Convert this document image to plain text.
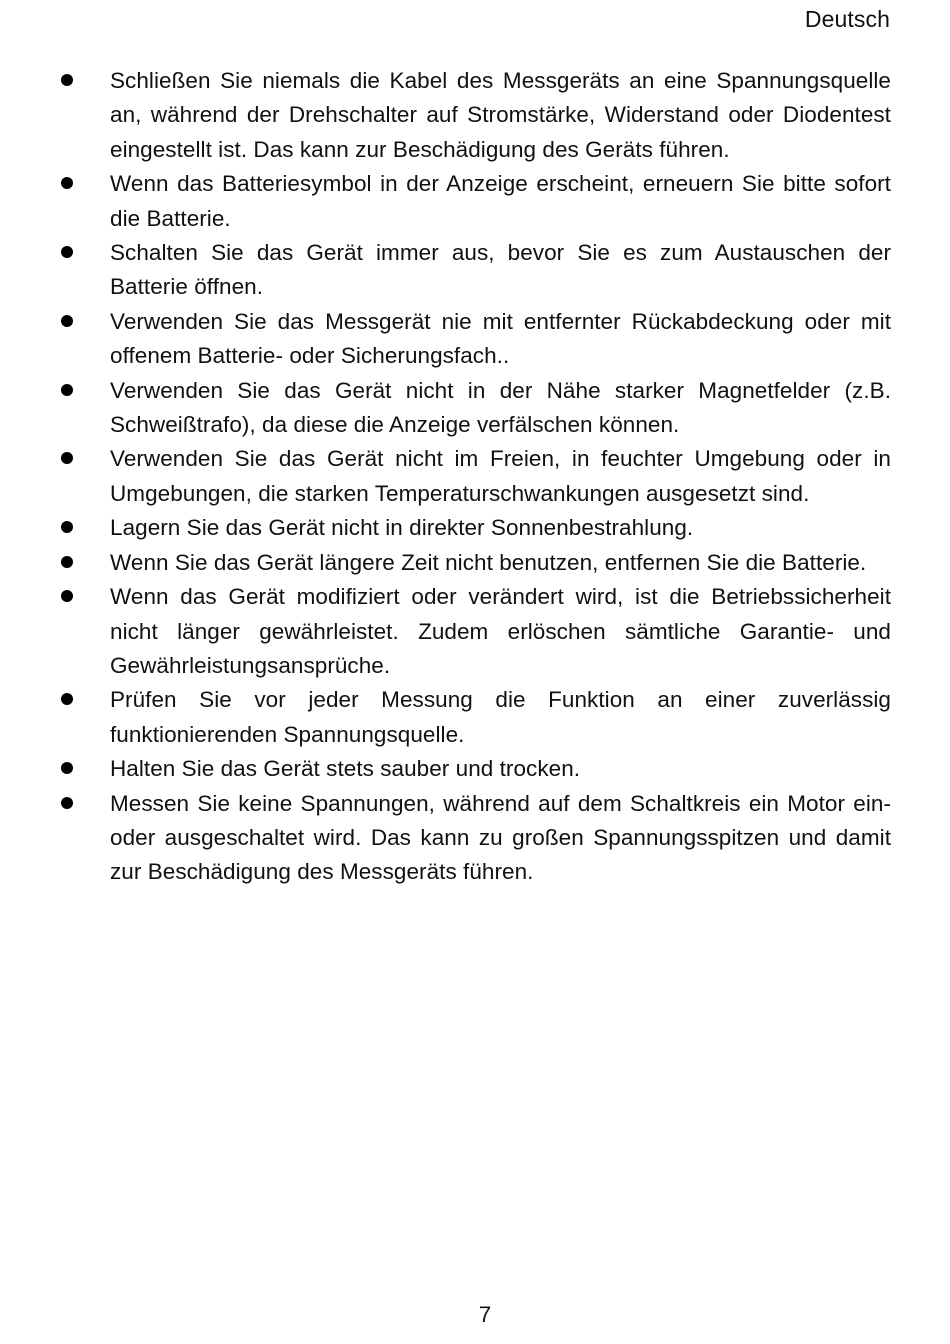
Deutsch
Schließen Sie niemals die Kabel des Messgeräts an eine Spannungsquelle an, während der Drehschalter auf Stromstärke, Widerstand oder Diodentest eingestellt ist. Das kann zur Beschädigung des Geräts führen.
Wenn das Batteriesymbol in der Anzeige erscheint, erneuern Sie bitte sofort die Batterie.
Schalten Sie das Gerät immer aus, bevor Sie es zum Austauschen der Batterie öffnen.
Verwenden Sie das Messgerät nie mit entfernter Rückabdeckung oder mit offenem Batterie- oder Sicherungsfach..
Verwenden Sie das Gerät nicht in der Nähe starker Magnetfelder (z.B. Schweißtrafo), da diese die Anzeige verfälschen können.
Verwenden Sie das Gerät nicht im Freien, in feuchter Umgebung oder in Umgebungen, die starken Temperaturschwankungen ausgesetzt sind.
Lagern Sie das Gerät nicht in direkter Sonnenbestrahlung.
Wenn Sie das Gerät längere Zeit nicht benutzen, entfernen Sie die Batterie.
Wenn das Gerät modifiziert oder verändert wird, ist die Betriebssicherheit nicht länger gewährleistet. Zudem erlöschen sämtliche Garantie- und Gewährleistungsansprüche.
Prüfen Sie vor jeder Messung die Funktion an einer zuverlässig funktionierenden Spannungsquelle.
Halten Sie das Gerät stets sauber und trocken.
Messen Sie keine Spannungen, während auf dem Schaltkreis ein Motor ein- oder ausgeschaltet wird. Das kann zu großen Spannungsspitzen und damit zur Beschädigung des Messgeräts führen.
7
